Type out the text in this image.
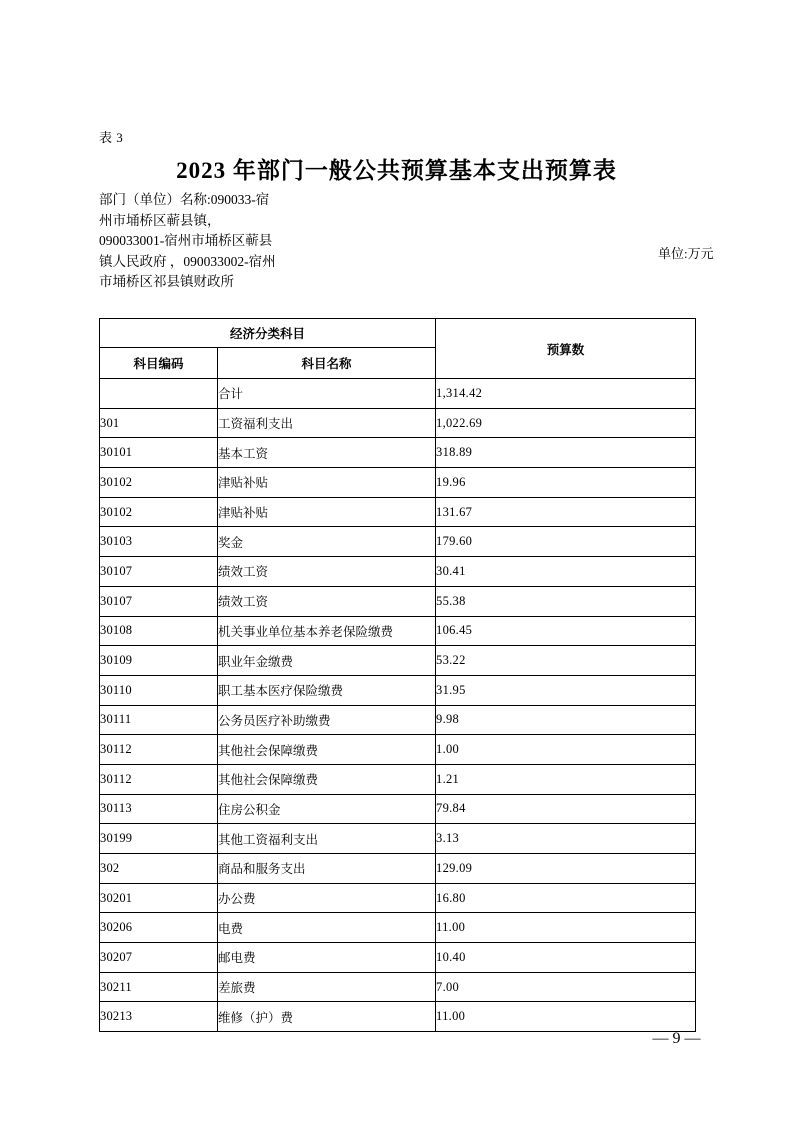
表 3
2023 年部门一般公共预算基本支出预算表
部门（单位）名称:090033-宿州市埇桥区蕲县镇，090033001-宿州市埇桥区蕲县镇人民政府 ，090033002-宿州市埇桥区祁县镇财政所
单位:万元
经济分类科目		预算数
科目编码	科目名称	
	合计	1,314.42
301	工资福利支出	1,022.69
30101	基本工资	318.89
30102	津贴补贴	19.96
30102	津贴补贴	131.67
30103	奖金	179.60
30107	绩效工资	30.41
30107	绩效工资	55.38
30108	机关事业单位基本养老保险缴费	106.45
30109	职业年金缴费	53.22
30110	职工基本医疗保险缴费	31.95
30111	公务员医疗补助缴费	9.98
30112	其他社会保障缴费	1.00
30112	其他社会保障缴费	1.21
30113	住房公积金	79.84
30199	其他工资福利支出	3.13
302	商品和服务支出	129.09
30201	办公费	16.80
30206	电费	11.00
30207	邮电费	10.40
30211	差旅费	7.00
30213	维修（护）费	11.00
— 9 —
